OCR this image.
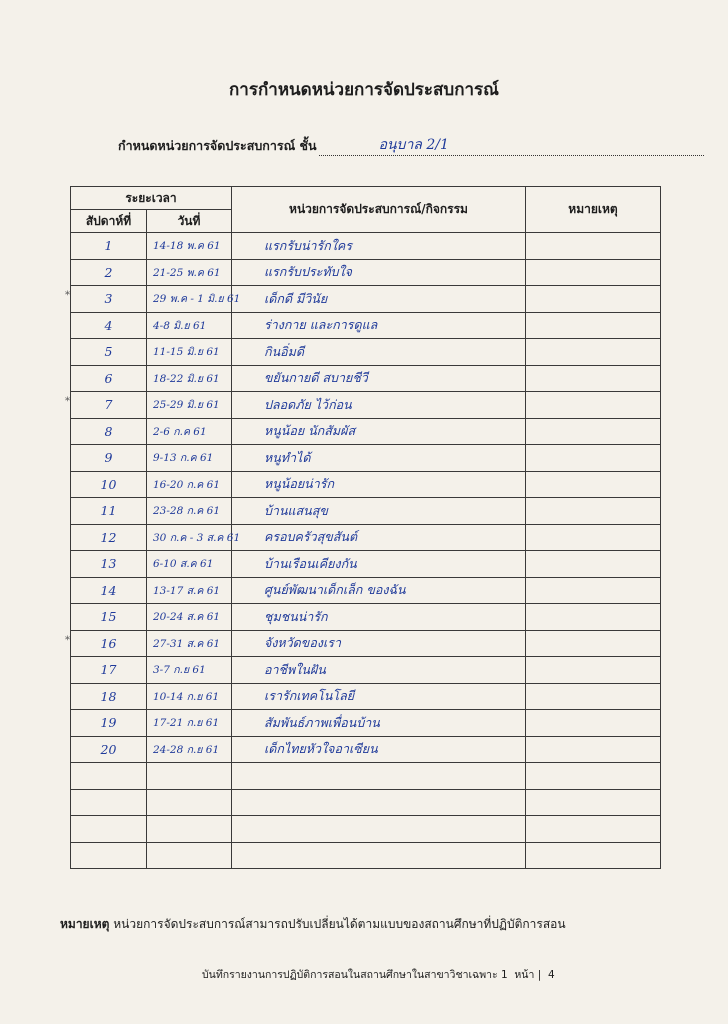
การกำหนดหน่วยการจัดประสบการณ์
กำหนดหน่วยการจัดประสบการณ์ ชั้น	อนุบาล 2/1
ระยะเวลา		หน่วยการจัดประสบการณ์/กิจกรรม	หมายเหตุ
สัปดาห์ที่	วันที่		

1	14-18 พ.ค 61	แรกรับน่ารักใคร	

2	21-25 พ.ค 61	แรกรับประทับใจ	

* 3	29 พ.ค - 1 มิ.ย 61	เด็กดี มีวินัย	

4	4-8 มิ.ย 61	ร่างกาย และการดูแล	

5	11-15 มิ.ย 61	กินอิ่มดี	

6	18-22 มิ.ย 61	ขยันกายดี สบายชีวี	

* 7	25-29 มิ.ย 61	ปลอดภัย ไว้ก่อน	

8	2-6 ก.ค 61	หนูน้อย นักสัมผัส	

9	9-13 ก.ค 61	หนูทำได้	

10	16-20 ก.ค 61	หนูน้อยน่ารัก	

11	23-28 ก.ค 61	บ้านแสนสุข	

12	30 ก.ค - 3 ส.ค 61	ครอบครัวสุขสันต์	

13	6-10 ส.ค 61	บ้านเรือนเคียงกัน	

14	13-17 ส.ค 61	ศูนย์พัฒนาเด็กเล็ก ของฉัน	

15	20-24 ส.ค 61	ชุมชนน่ารัก	

* 16	27-31 ส.ค 61	จังหวัดของเรา	

17	3-7 ก.ย 61	อาชีพในฝัน	

18	10-14 ก.ย 61	เรารักเทคโนโลยี	

19	17-21 ก.ย 61	สัมพันธ์ภาพเพื่อนบ้าน	

20	24-28 ก.ย 61	เด็กไทยหัวใจอาเซียน	

หมายเหตุ หน่วยการจัดประสบการณ์สามารถปรับเปลี่ยนได้ตามแบบของสถานศึกษาที่ปฏิบัติการสอน
บันทึกรายงานการปฏิบัติการสอนในสถานศึกษาในสาขาวิชาเฉพาะ 1 หน้า | 4
